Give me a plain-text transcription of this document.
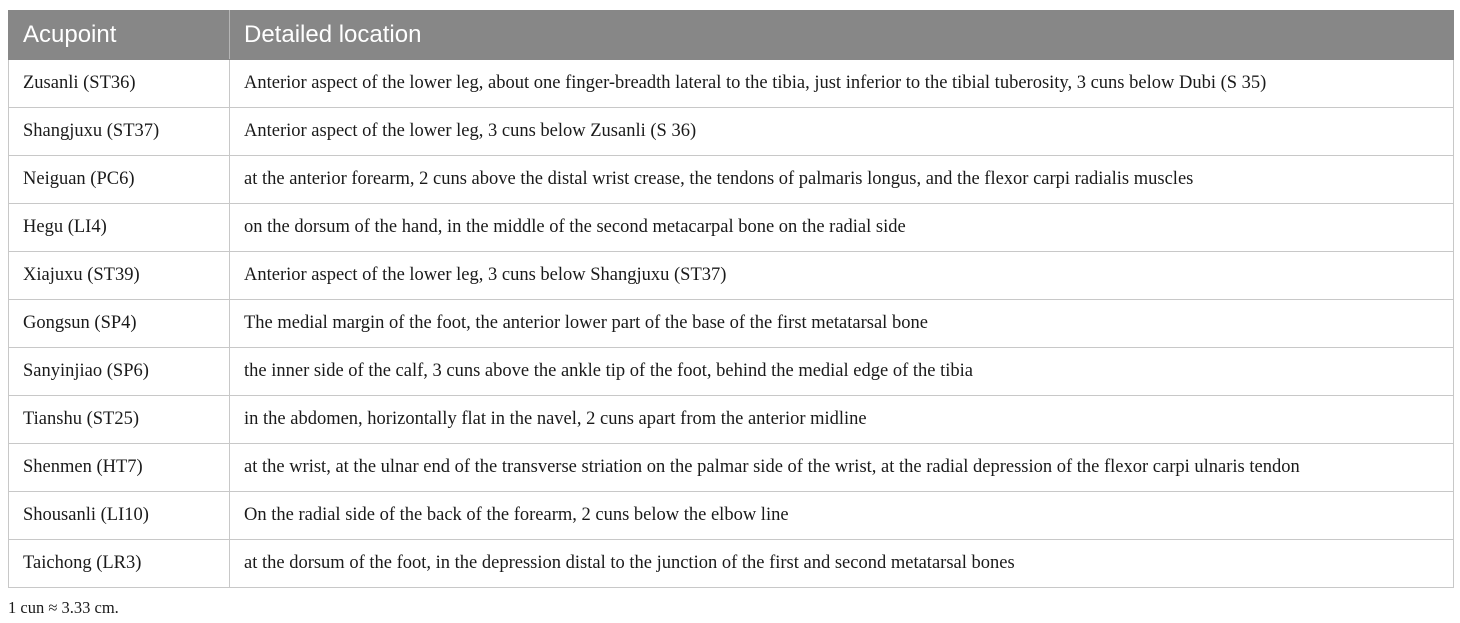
Acupoint	Detailed location
Zusanli (ST36)	Anterior aspect of the lower leg, about one finger-breadth lateral to the tibia, just inferior to the tibial tuberosity, 3 cuns below Dubi (S 35)
Shangjuxu (ST37)	Anterior aspect of the lower leg, 3 cuns below Zusanli (S 36)
Neiguan (PC6)	at the anterior forearm, 2 cuns above the distal wrist crease, the tendons of palmaris longus, and the flexor carpi radialis muscles
Hegu (LI4)	on the dorsum of the hand, in the middle of the second metacarpal bone on the radial side
Xiajuxu (ST39)	Anterior aspect of the lower leg, 3 cuns below Shangjuxu (ST37)
Gongsun (SP4)	The medial margin of the foot, the anterior lower part of the base of the first metatarsal bone
Sanyinjiao (SP6)	the inner side of the calf, 3 cuns above the ankle tip of the foot, behind the medial edge of the tibia
Tianshu (ST25)	in the abdomen, horizontally flat in the navel, 2 cuns apart from the anterior midline
Shenmen (HT7)	at the wrist, at the ulnar end of the transverse striation on the palmar side of the wrist, at the radial depression of the flexor carpi ulnaris tendon
Shousanli (LI10)	On the radial side of the back of the forearm, 2 cuns below the elbow line
Taichong (LR3)	at the dorsum of the foot, in the depression distal to the junction of the first and second metatarsal bones
1 cun ≈ 3.33 cm.
